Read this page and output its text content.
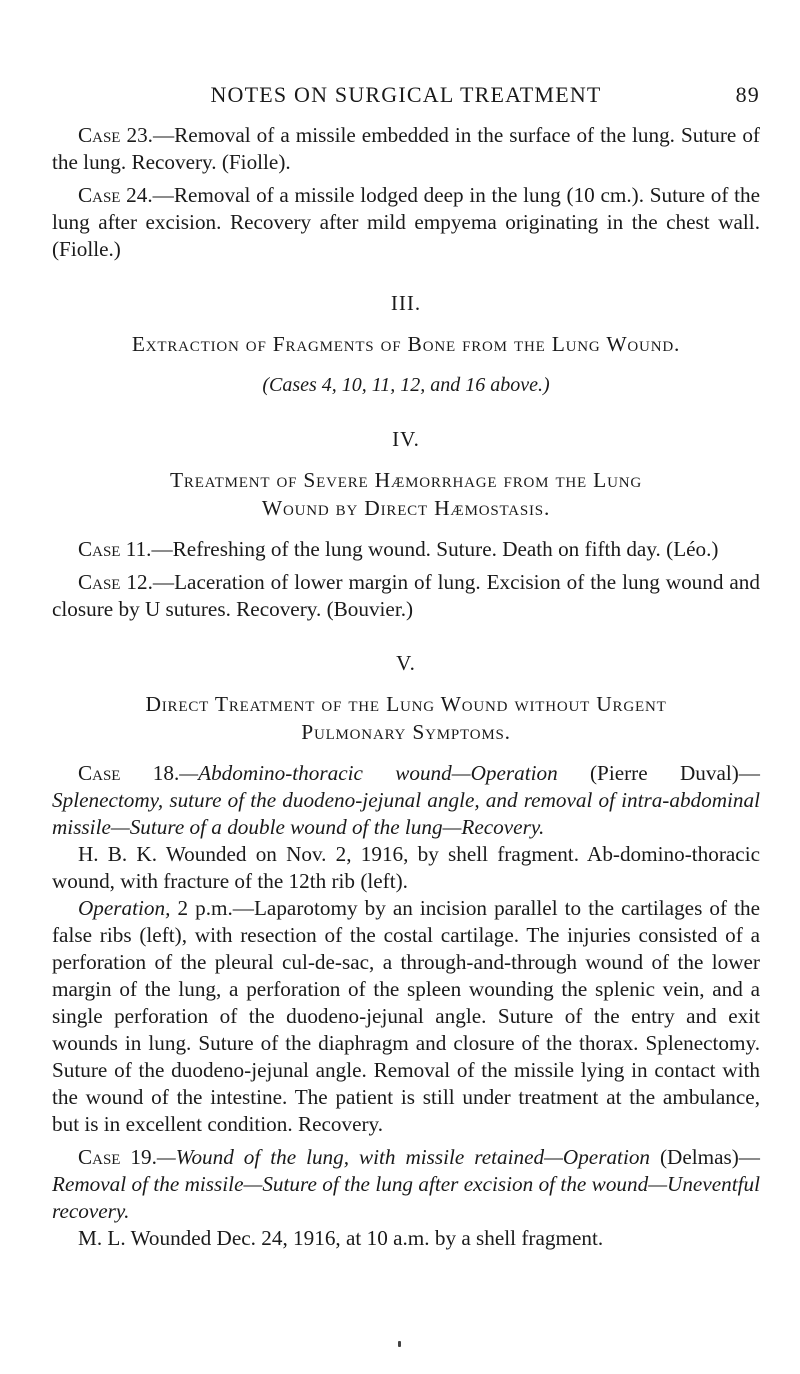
NOTES ON SURGICAL TREATMENT	89

Case 23.—Removal of a missile embedded in the surface of the lung. Suture of the lung. Recovery. (Fiolle).

Case 24.—Removal of a missile lodged deep in the lung (10 cm.). Suture of the lung after excision. Recovery after mild empyema originating in the chest wall. (Fiolle.)

III.
Extraction of Fragments of Bone from the Lung Wound.

(Cases 4, 10, 11, 12, and 16 above.)

IV.
Treatment of Severe Hæmorrhage from the Lung
Wound by Direct Hæmostasis.

Case 11.—Refreshing of the lung wound. Suture. Death on fifth day. (Léo.)

Case 12.—Laceration of lower margin of lung. Excision of the lung wound and closure by U sutures. Recovery. (Bouvier.)

V.
Direct Treatment of the Lung Wound without Urgent
Pulmonary Symptoms.

Case 18.—Abdomino-thoracic wound—Operation (Pierre Duval)—Splenectomy, suture of the duodeno-jejunal angle, and removal of intra-abdominal missile—Suture of a double wound of the lung—Recovery.

H. B. K. Wounded on Nov. 2, 1916, by shell fragment. Ab-domino-thoracic wound, with fracture of the 12th rib (left).

Operation, 2 p.m.—Laparotomy by an incision parallel to the cartilages of the false ribs (left), with resection of the costal cartilage. The injuries consisted of a perforation of the pleural cul-de-sac, a through-and-through wound of the lower margin of the lung, a perforation of the spleen wounding the splenic vein, and a single perforation of the duodeno-jejunal angle. Suture of the entry and exit wounds in lung. Suture of the diaphragm and closure of the thorax. Splenectomy. Suture of the duodeno-jejunal angle. Removal of the missile lying in contact with the wound of the intestine. The patient is still under treatment at the ambulance, but is in excellent condition. Recovery.

Case 19.—Wound of the lung, with missile retained—Operation (Delmas)—Removal of the missile—Suture of the lung after excision of the wound—Uneventful recovery.

M. L. Wounded Dec. 24, 1916, at 10 a.m. by a shell fragment.
